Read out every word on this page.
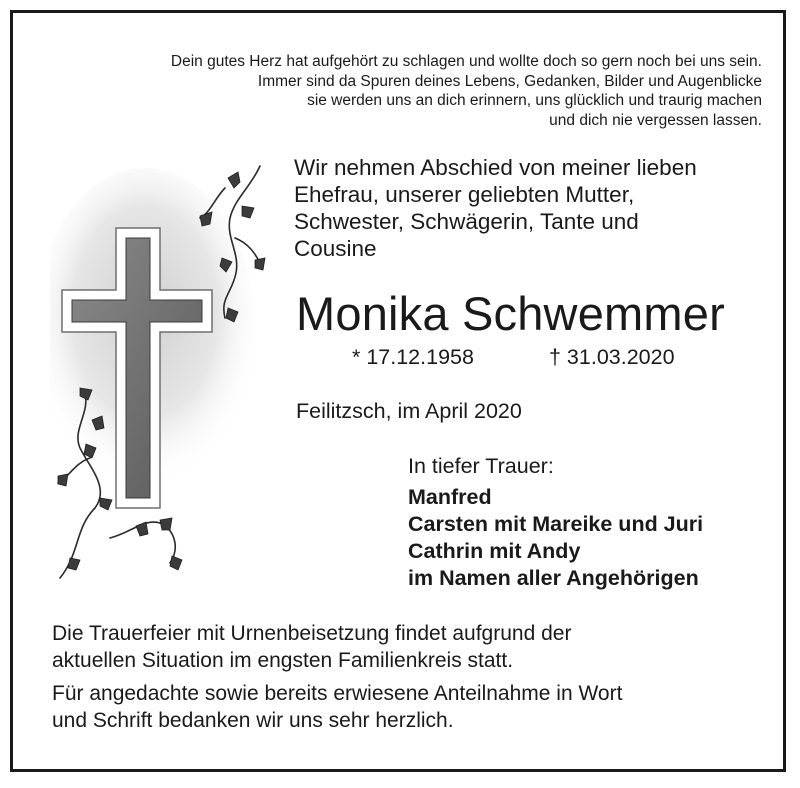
Dein gutes Herz hat aufgehört zu schlagen und wollte doch so gern noch bei uns sein.
Immer sind da Spuren deines Lebens, Gedanken, Bilder und Augenblicke
sie werden uns an dich erinnern, uns glücklich und traurig machen
und dich nie vergessen lassen.
Wir nehmen Abschied von meiner lieben
Ehefrau, unserer geliebten Mutter,
Schwester, Schwägerin, Tante und
Cousine
Monika Schwemmer
* 17.12.1958	† 31.03.2020
Feilitzsch, im April 2020
In tiefer Trauer:
Manfred
Carsten mit Mareike und Juri
Cathrin mit Andy
im Namen aller Angehörigen
Die Trauerfeier mit Urnenbeisetzung findet aufgrund der
aktuellen Situation im engsten Familienkreis statt.
Für angedachte sowie bereits erwiesene Anteilnahme in Wort
und Schrift bedanken wir uns sehr herzlich.
